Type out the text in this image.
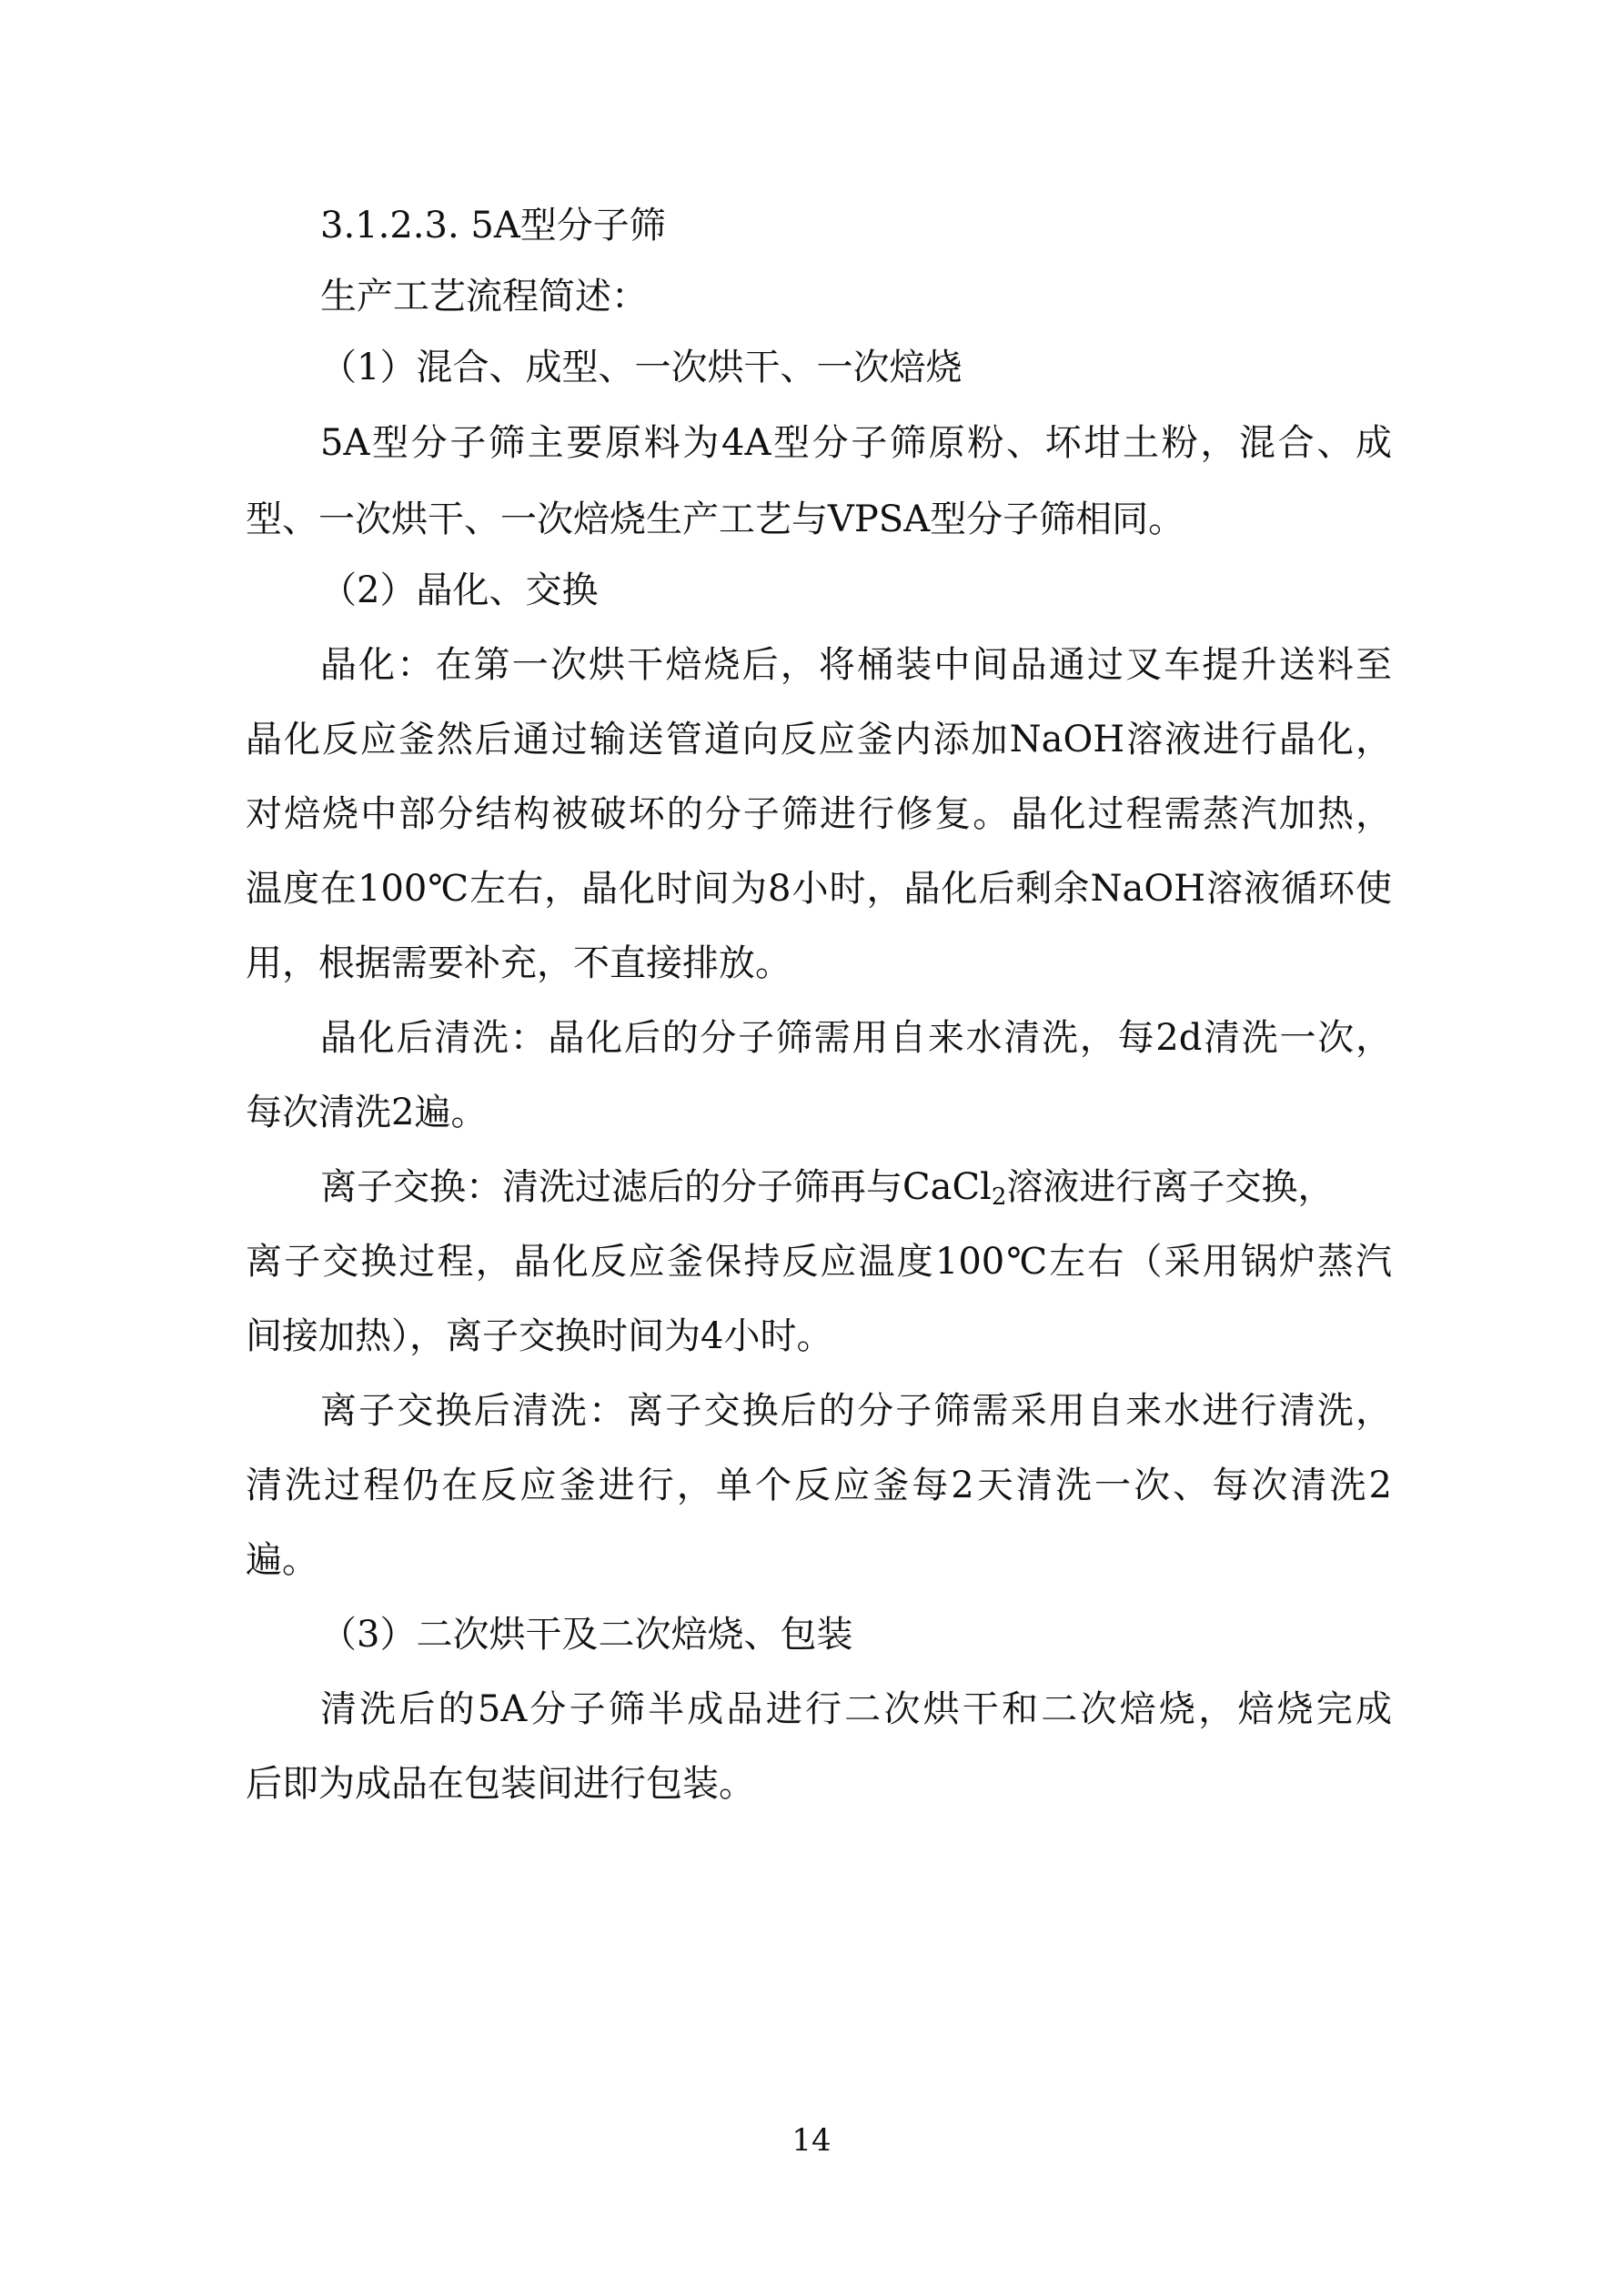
3.1.2.3. 5A型分子筛
生产工艺流程简述：
（1）混合、成型、一次烘干、一次焙烧
5A型分子筛主要原料为4A型分子筛原粉、坏坩土粉，混合、成
型、一次烘干、一次焙烧生产工艺与VPSA型分子筛相同。
（2）晶化、交换
晶化：在第一次烘干焙烧后，将桶装中间品通过叉车提升送料至
晶化反应釜然后通过输送管道向反应釜内添加NaOH溶液进行晶化，
对焙烧中部分结构被破坏的分子筛进行修复。晶化过程需蒸汽加热，
温度在100℃左右，晶化时间为8小时，晶化后剩余NaOH溶液循环使
用，根据需要补充，不直接排放。
晶化后清洗：晶化后的分子筛需用自来水清洗，每2d清洗一次，
每次清洗2遍。
离子交换：清洗过滤后的分子筛再与CaCl$_2$溶液进行离子交换，
离子交换过程，晶化反应釜保持反应温度100℃左右（采用锅炉蒸汽
间接加热），离子交换时间为4小时。
离子交换后清洗：离子交换后的分子筛需采用自来水进行清洗，
清洗过程仍在反应釜进行，单个反应釜每2天清洗一次、每次清洗2
遍。
（3）二次烘干及二次焙烧、包装
清洗后的5A分子筛半成品进行二次烘干和二次焙烧，焙烧完成
后即为成品在包装间进行包装。
14
